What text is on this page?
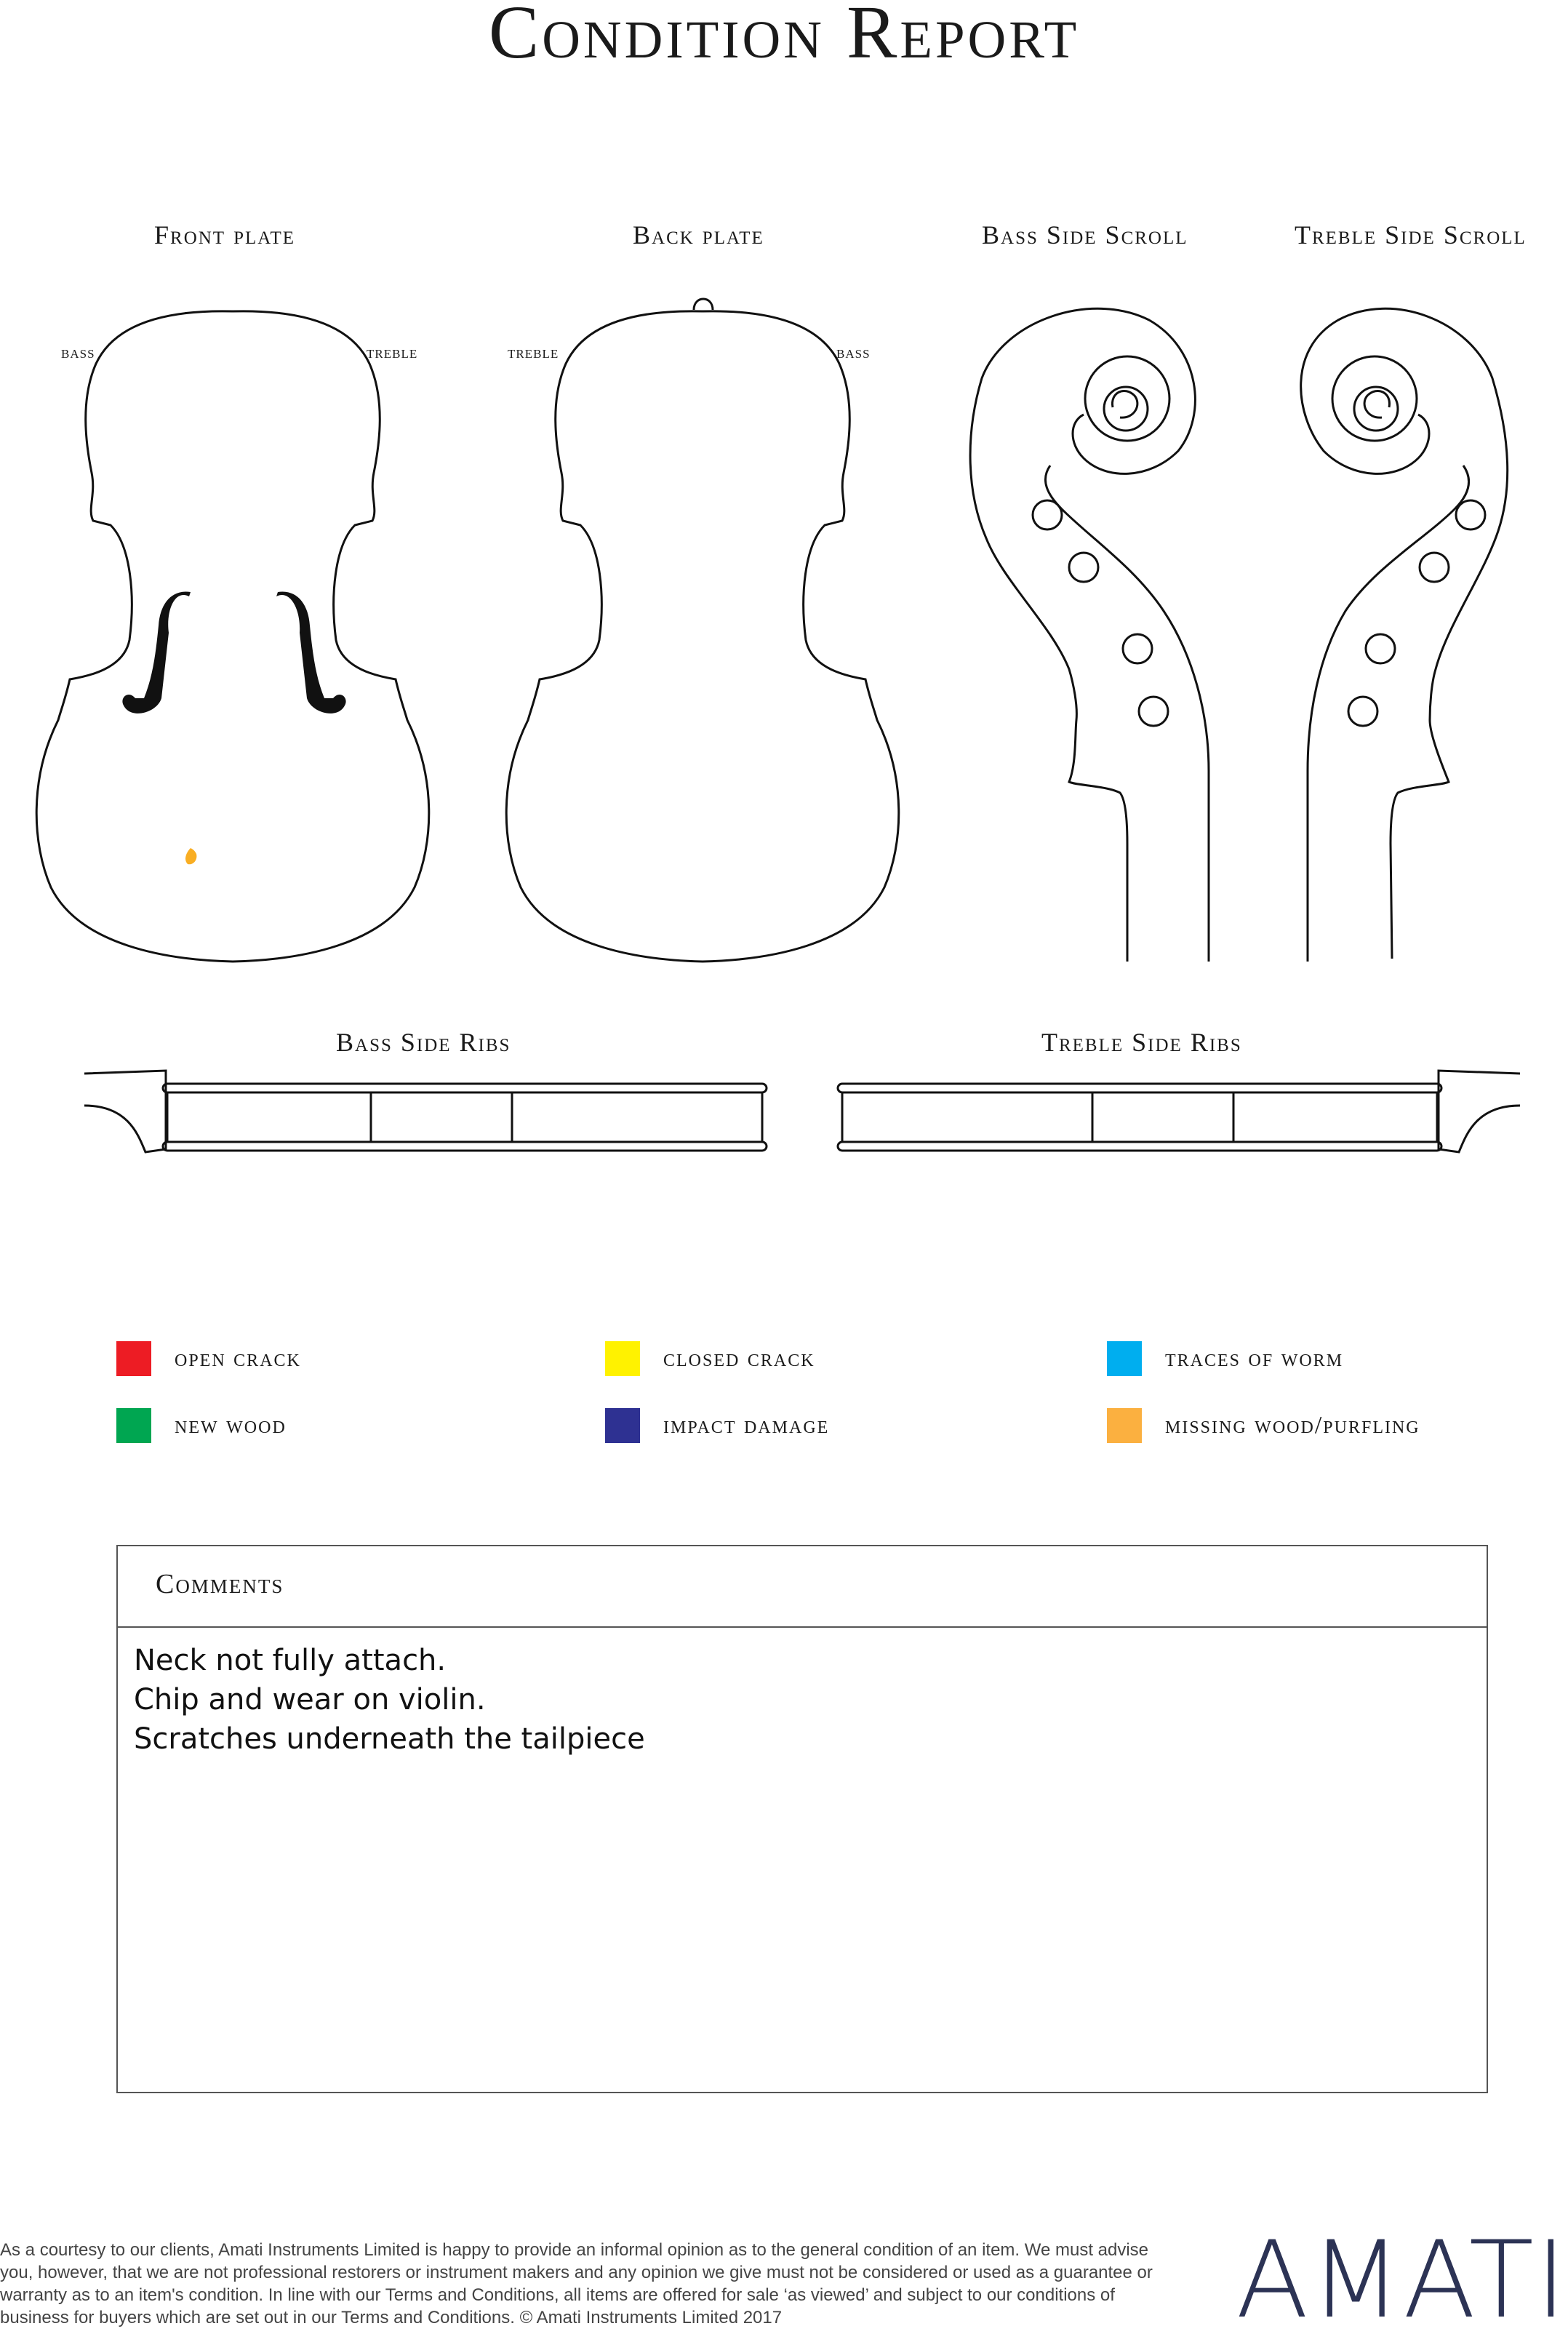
Condition Report
Front plate	Back plate	Bass Side Scroll	Treble Side Scroll
bass	treble	treble	bass
Bass Side Ribs	Treble Side Ribs
open crack	closed crack	traces of worm
new wood	impact damage	missing wood/purfling
Comments
Neck not fully attach.
Chip and wear on violin.
Scratches underneath the tailpiece
As a courtesy to our clients, Amati Instruments Limited is happy to provide an informal opinion as to the general condition of an item. We must advise you, however, that we are not professional restorers or instrument makers and any opinion we give must not be considered or used as a guarantee or warranty as to an item's condition. In line with our Terms and Conditions, all items are offered for sale ‘as viewed’ and subject to our conditions of business for buyers which are set out in our Terms and Conditions. © Amati Instruments Limited 2017	AMATI
